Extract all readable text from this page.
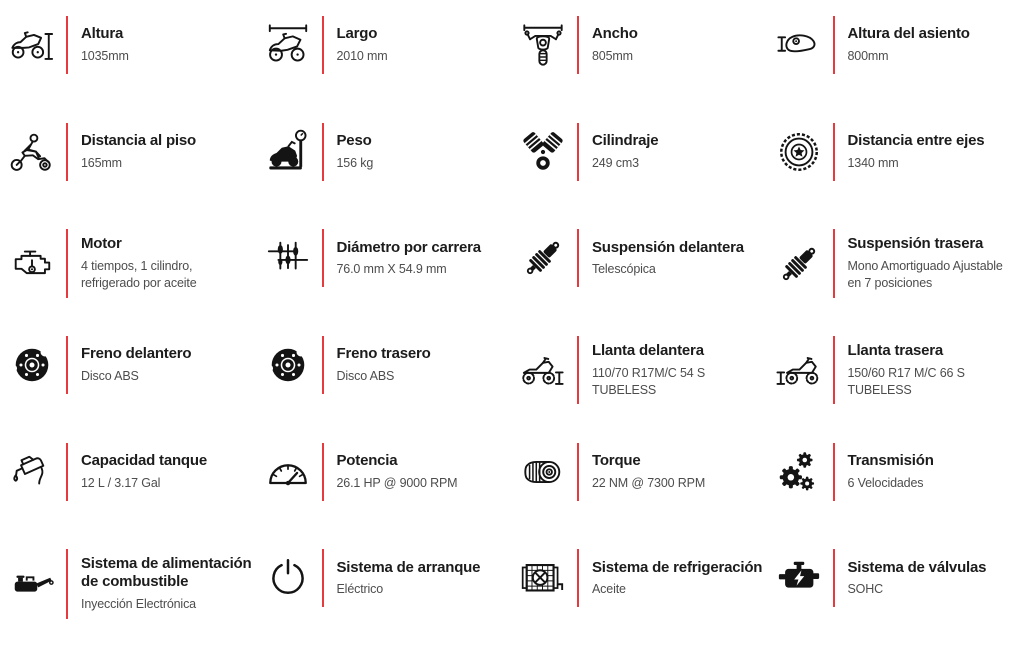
Altura

1035mm

Largo

2010 mm

Ancho

805mm

Altura del asiento

800mm

Distancia al piso

165mm

Peso

156 kg

Cilindraje

249 cm3

Distancia entre ejes

1340 mm

Motor

4 tiempos, 1 cilindro, refrigerado por aceite

Diámetro por carrera

76.0 mm X 54.9 mm

Suspensión delantera

Telescópica

Suspensión trasera

Mono Amortiguado Ajustable en 7 posiciones

Freno delantero

Disco ABS

Freno trasero

Disco ABS

Llanta delantera

110/70 R17M/C 54 S TUBELESS

Llanta trasera

150/60 R17 M/C 66 S TUBELESS

Capacidad tanque

12 L / 3.17 Gal

Potencia

26.1 HP @ 9000 RPM

Torque

22 NM @ 7300 RPM

Transmisión

6 Velocidades

Sistema de alimentación de combustible

Inyección Electrónica

Sistema de arranque

Eléctrico

Sistema de refrigeración

Aceite

Sistema de válvulas

SOHC
